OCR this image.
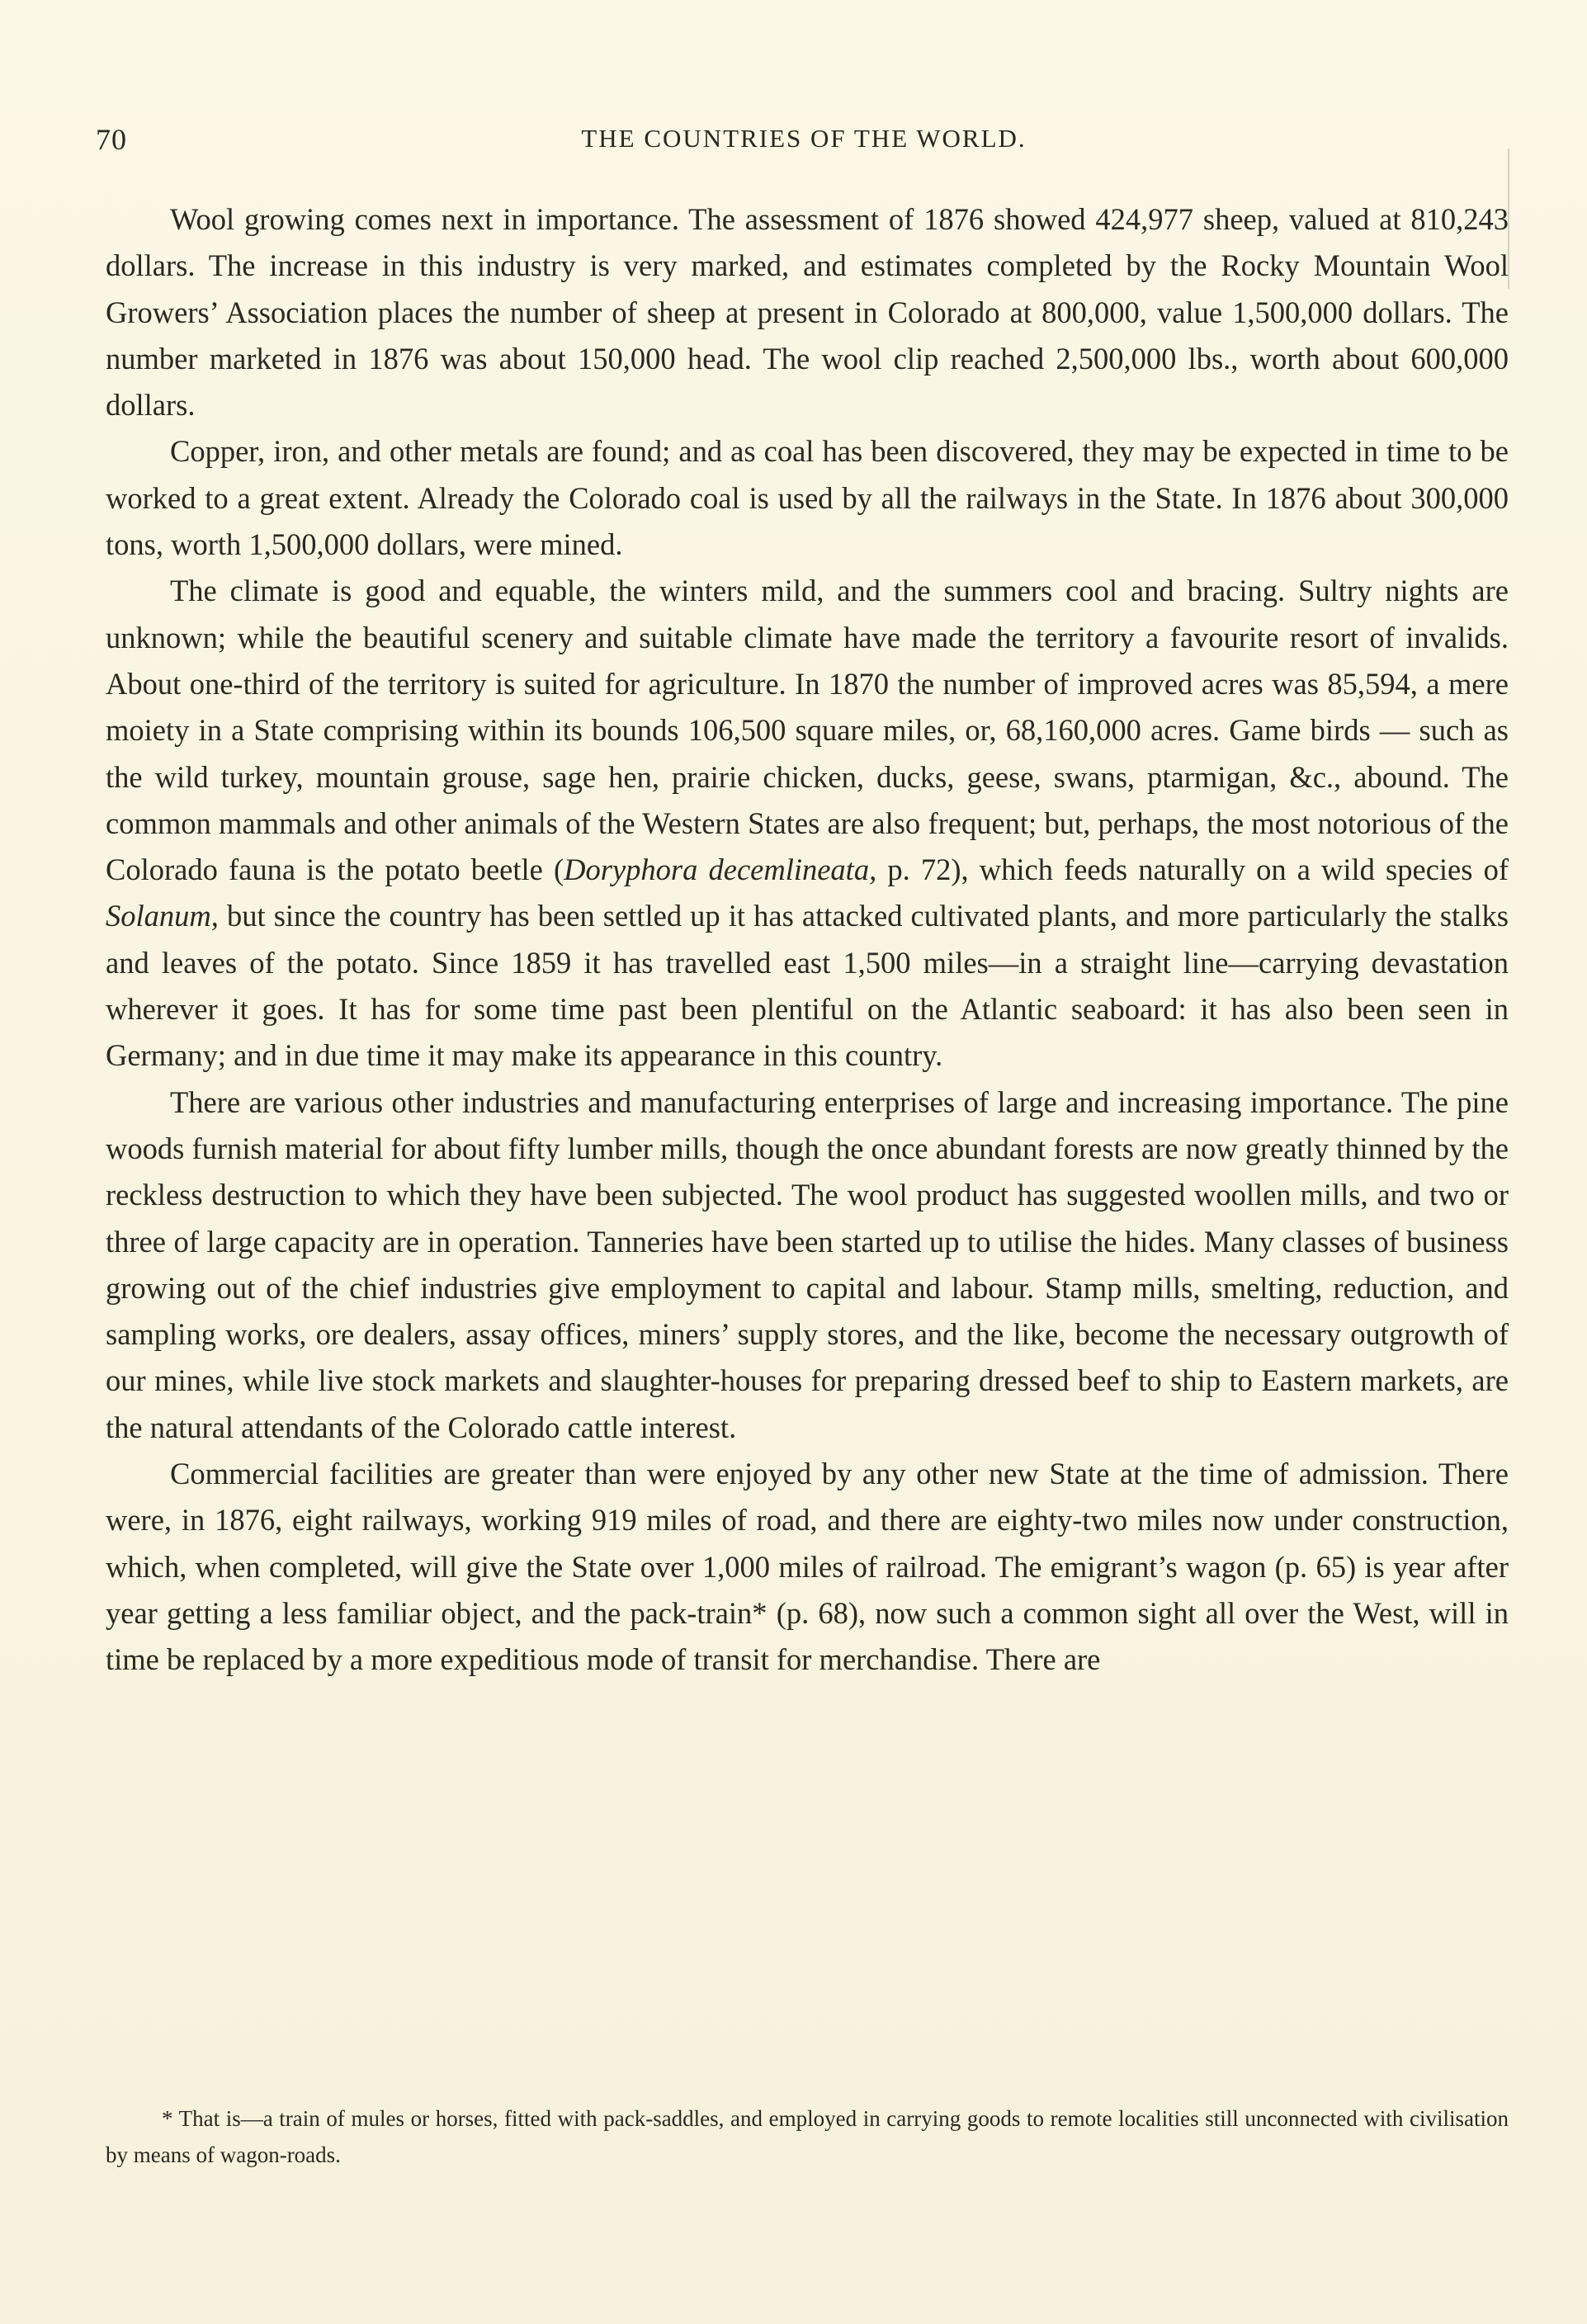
70	THE COUNTRIES OF THE WORLD.

Wool growing comes next in importance. The assessment of 1876 showed 424,977 sheep, valued at 810,243 dollars. The increase in this industry is very marked, and estimates completed by the Rocky Mountain Wool Growers’ Association places the number of sheep at present in Colorado at 800,000, value 1,500,000 dollars. The number marketed in 1876 was about 150,000 head. The wool clip reached 2,500,000 lbs., worth about 600,000 dollars.

Copper, iron, and other metals are found; and as coal has been discovered, they may be expected in time to be worked to a great extent. Already the Colorado coal is used by all the railways in the State. In 1876 about 300,000 tons, worth 1,500,000 dollars, were mined.

The climate is good and equable, the winters mild, and the summers cool and bracing. Sultry nights are unknown; while the beautiful scenery and suitable climate have made the territory a favourite resort of invalids. About one-third of the territory is suited for agriculture. In 1870 the number of improved acres was 85,594, a mere moiety in a State comprising within its bounds 106,500 square miles, or, 68,160,000 acres. Game birds — such as the wild turkey, mountain grouse, sage hen, prairie chicken, ducks, geese, swans, ptarmigan, &c., abound. The common mammals and other animals of the Western States are also frequent; but, perhaps, the most notorious of the Colorado fauna is the potato beetle (Doryphora decemlineata, p. 72), which feeds naturally on a wild species of Solanum, but since the country has been settled up it has attacked cultivated plants, and more particularly the stalks and leaves of the potato. Since 1859 it has travelled east 1,500 miles—in a straight line—carrying devastation wherever it goes. It has for some time past been plentiful on the Atlantic seaboard: it has also been seen in Germany; and in due time it may make its appearance in this country.

There are various other industries and manufacturing enterprises of large and increasing importance. The pine woods furnish material for about fifty lumber mills, though the once abundant forests are now greatly thinned by the reckless destruction to which they have been subjected. The wool product has suggested woollen mills, and two or three of large capacity are in operation. Tanneries have been started up to utilise the hides. Many classes of business growing out of the chief industries give employment to capital and labour. Stamp mills, smelting, reduction, and sampling works, ore dealers, assay offices, miners’ supply stores, and the like, become the necessary outgrowth of our mines, while live stock markets and slaughter-houses for preparing dressed beef to ship to Eastern markets, are the natural attendants of the Colorado cattle interest.

Commercial facilities are greater than were enjoyed by any other new State at the time of admission. There were, in 1876, eight railways, working 919 miles of road, and there are eighty-two miles now under construction, which, when completed, will give the State over 1,000 miles of railroad. The emigrant’s wagon (p. 65) is year after year getting a less familiar object, and the pack-train* (p. 68), now such a common sight all over the West, will in time be replaced by a more expeditious mode of transit for merchandise. There are

* That is—a train of mules or horses, fitted with pack-saddles, and employed in carrying goods to remote localities still unconnected with civilisation by means of wagon-roads.
